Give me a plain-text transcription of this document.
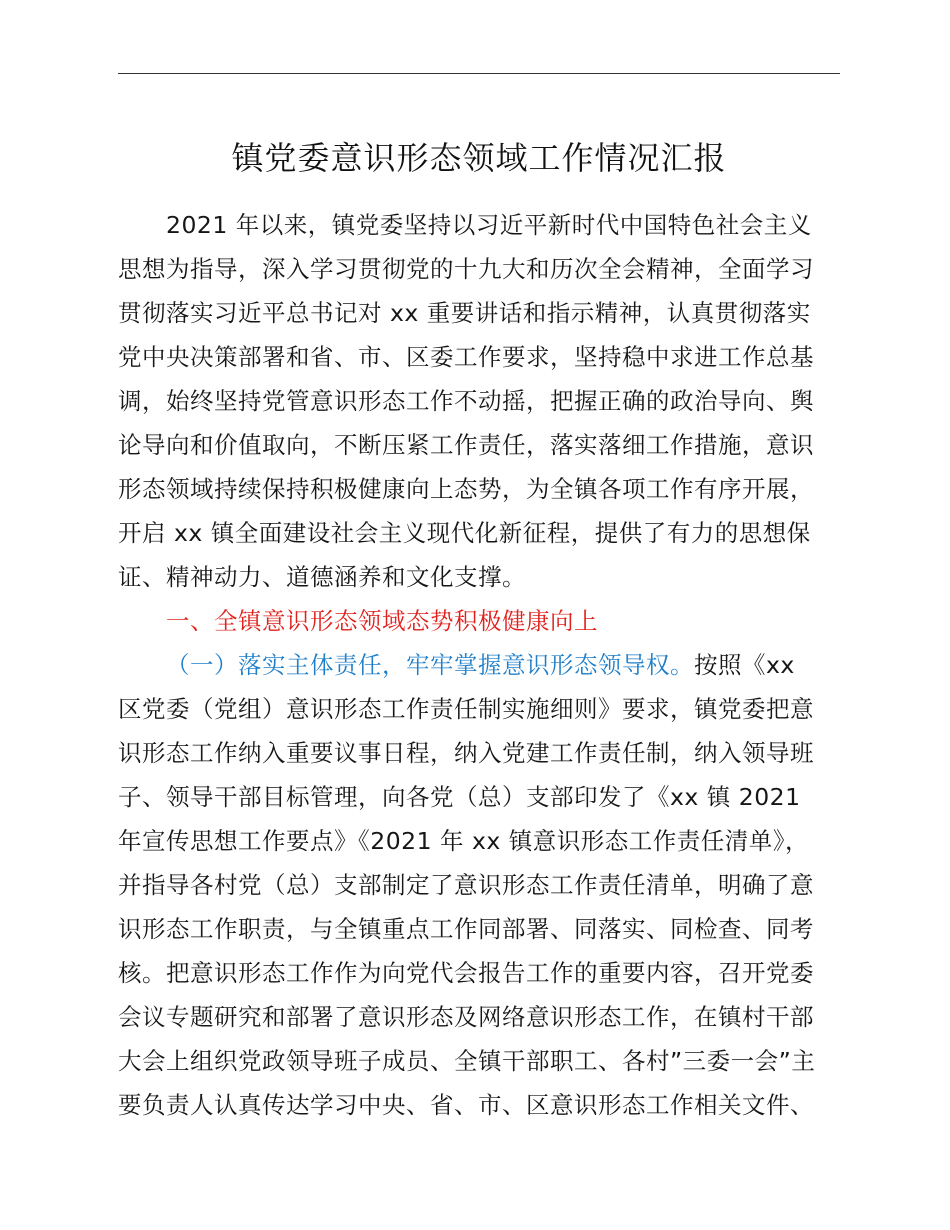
镇党委意识形态领域工作情况汇报
2021 年以来，镇党委坚持以习近平新时代中国特色社会主义
思想为指导，深入学习贯彻党的十九大和历次全会精神，全面学习
贯彻落实习近平总书记对 xx 重要讲话和指示精神，认真贯彻落实
党中央决策部署和省、市、区委工作要求，坚持稳中求进工作总基
调，始终坚持党管意识形态工作不动摇，把握正确的政治导向、舆
论导向和价值取向，不断压紧工作责任，落实落细工作措施，意识
形态领域持续保持积极健康向上态势，为全镇各项工作有序开展，
开启 xx 镇全面建设社会主义现代化新征程，提供了有力的思想保
证、精神动力、道德涵养和文化支撑。
一、全镇意识形态领域态势积极健康向上
（一）落实主体责任，牢牢掌握意识形态领导权。按照《xx
区党委（党组）意识形态工作责任制实施细则》要求，镇党委把意
识形态工作纳入重要议事日程，纳入党建工作责任制，纳入领导班
子、领导干部目标管理，向各党（总）支部印发了《xx 镇 2021
年宣传思想工作要点》《2021 年 xx 镇意识形态工作责任清单》，
并指导各村党（总）支部制定了意识形态工作责任清单，明确了意
识形态工作职责，与全镇重点工作同部署、同落实、同检查、同考
核。把意识形态工作作为向党代会报告工作的重要内容，召开党委
会议专题研究和部署了意识形态及网络意识形态工作，在镇村干部
大会上组织党政领导班子成员、全镇干部职工、各村”三委一会”主
要负责人认真传达学习中央、省、市、区意识形态工作相关文件、
